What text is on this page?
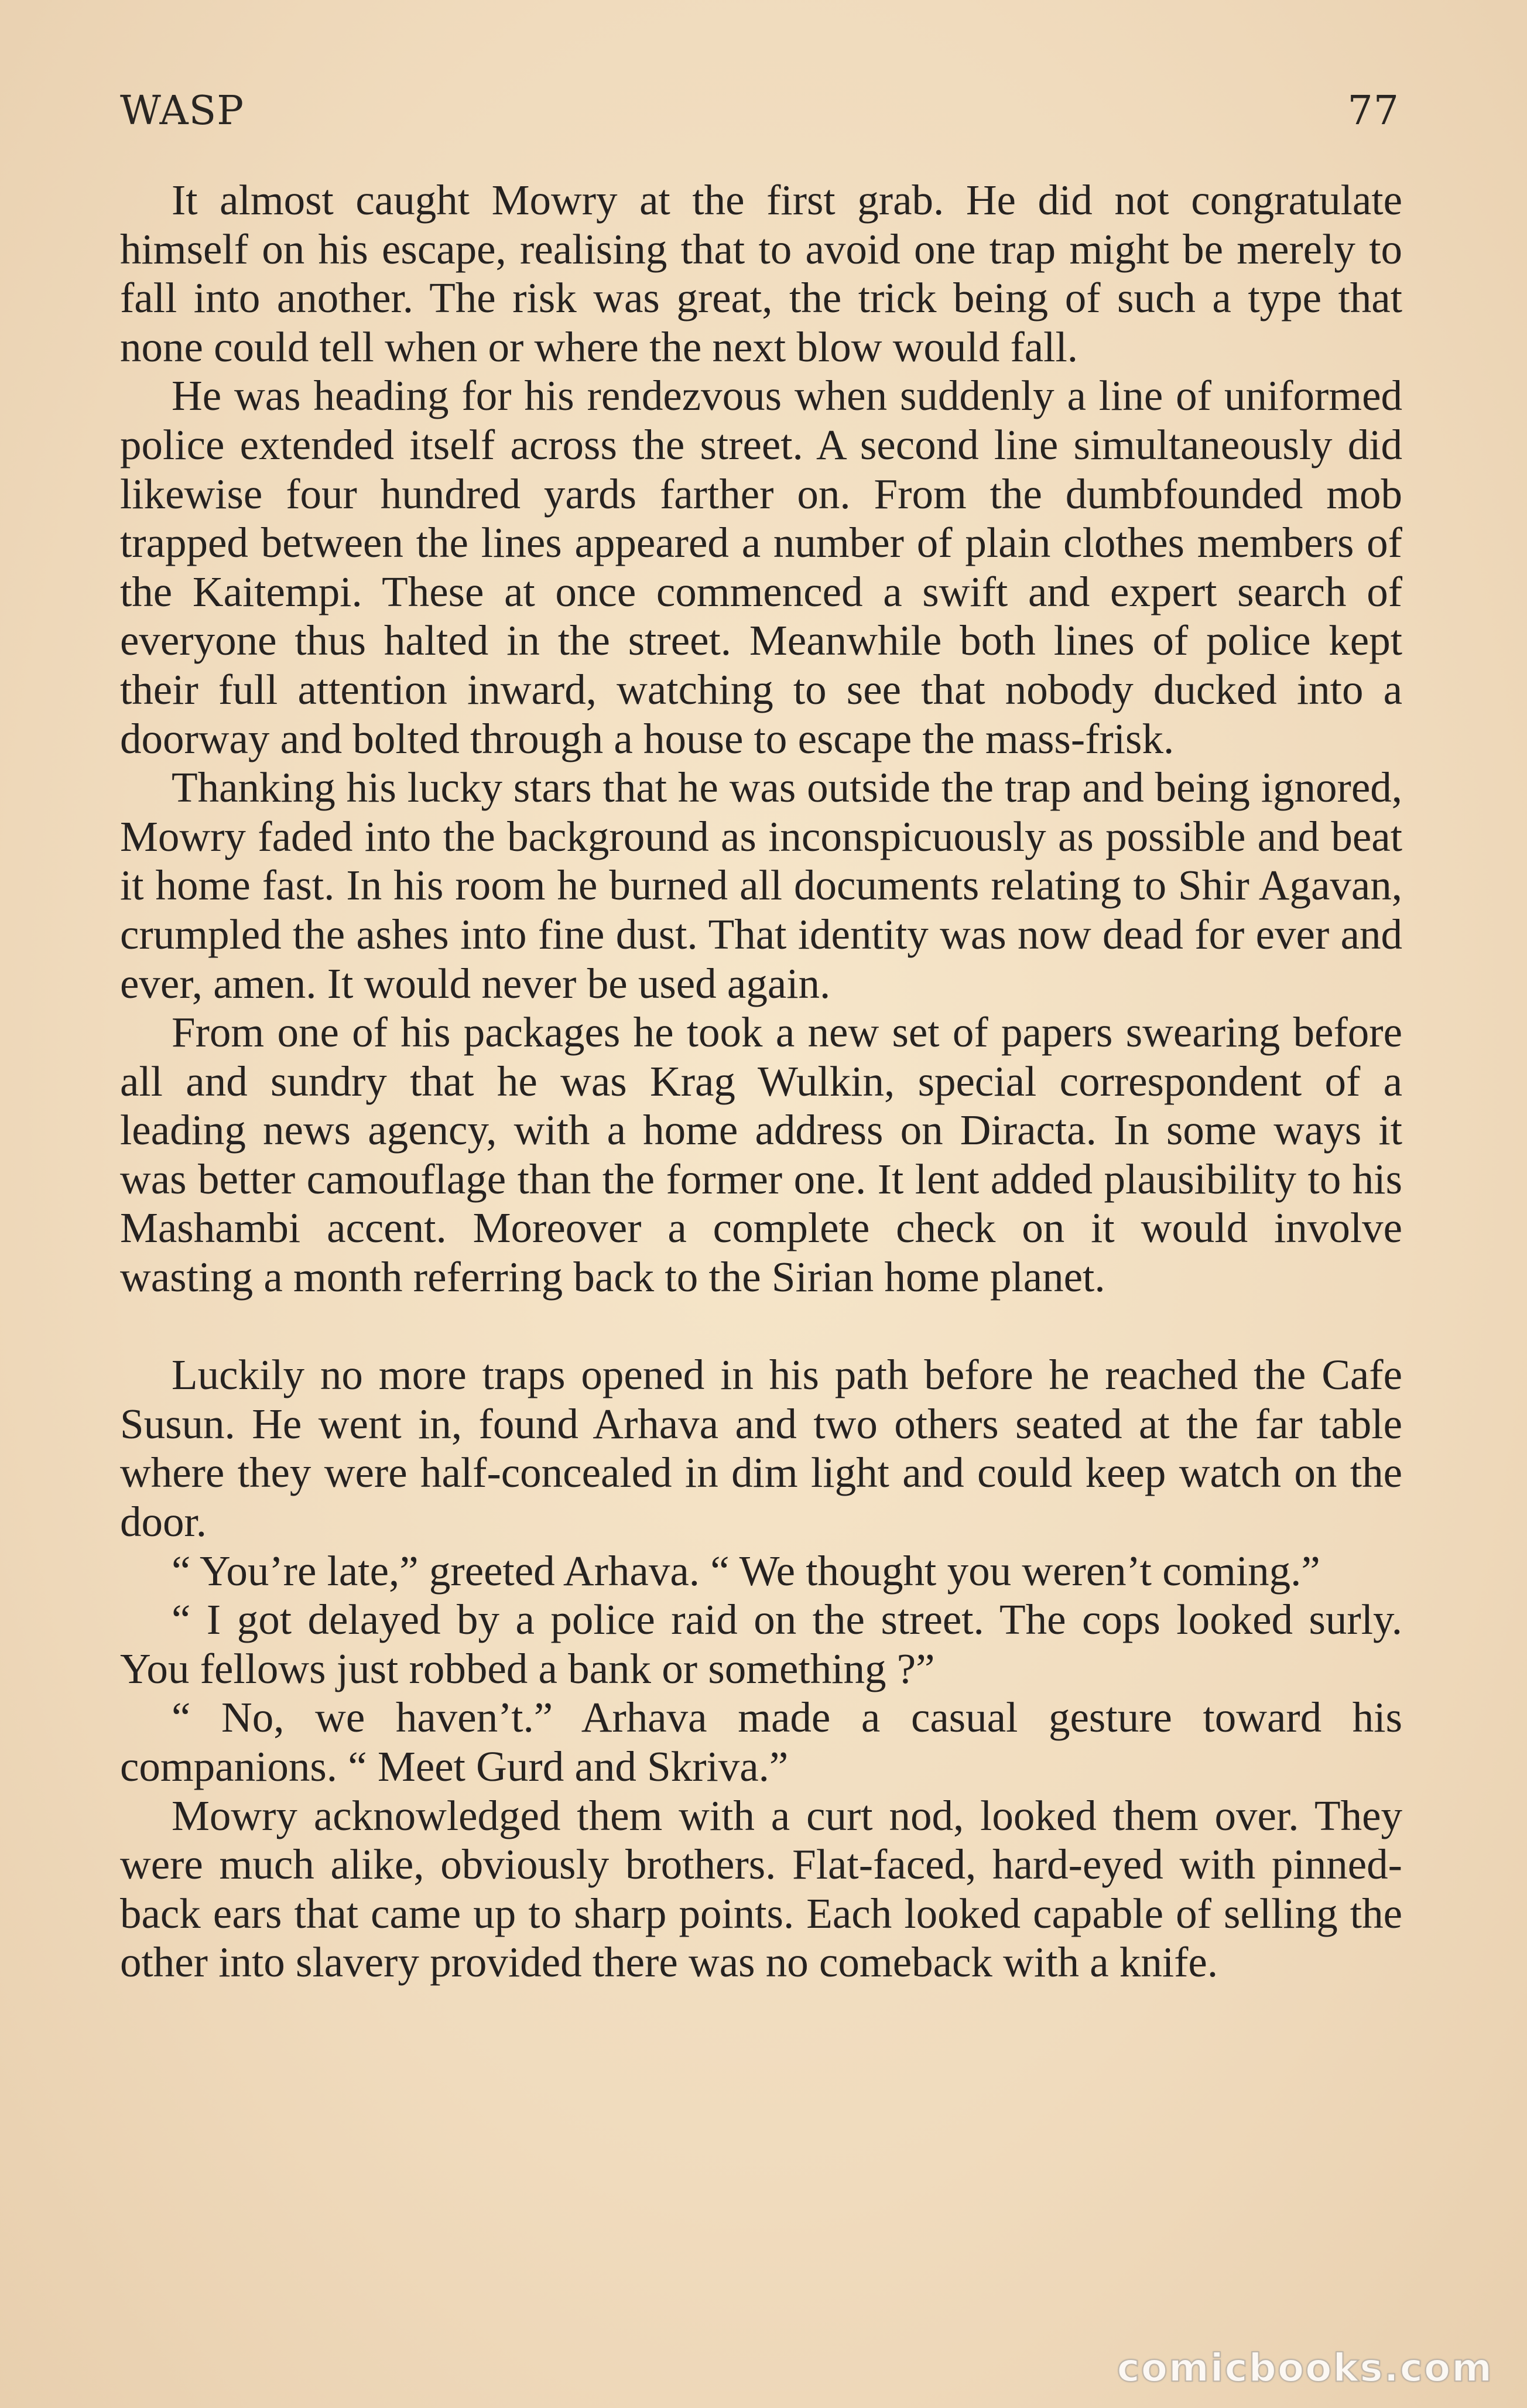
WASP	77

It almost caught Mowry at the first grab. He did not congratulate himself on his escape, realising that to avoid one trap might be merely to fall into another. The risk was great, the trick being of such a type that none could tell when or where the next blow would fall.

He was heading for his rendezvous when suddenly a line of uniformed police extended itself across the street. A second line simultaneously did likewise four hundred yards farther on. From the dumbfounded mob trapped between the lines appeared a number of plain clothes members of the Kaitempi. These at once commenced a swift and expert search of everyone thus halted in the street. Meanwhile both lines of police kept their full attention inward, watching to see that nobody ducked into a doorway and bolted through a house to escape the mass-frisk.

Thanking his lucky stars that he was outside the trap and being ignored, Mowry faded into the background as inconspicuously as possible and beat it home fast. In his room he burned all documents relating to Shir Agavan, crumpled the ashes into fine dust. That identity was now dead for ever and ever, amen. It would never be used again.

From one of his packages he took a new set of papers swearing before all and sundry that he was Krag Wulkin, special correspondent of a leading news agency, with a home address on Diracta. In some ways it was better camouflage than the former one. It lent added plausibility to his Mashambi accent. Moreover a complete check on it would involve wasting a month referring back to the Sirian home planet.

Luckily no more traps opened in his path before he reached the Cafe Susun. He went in, found Arhava and two others seated at the far table where they were half-concealed in dim light and could keep watch on the door.

“ You’re late,” greeted Arhava. “ We thought you weren’t coming.”

“ I got delayed by a police raid on the street. The cops looked surly. You fellows just robbed a bank or something ?”

“ No, we haven’t.” Arhava made a casual gesture toward his companions. “ Meet Gurd and Skriva.”

Mowry acknowledged them with a curt nod, looked them over. They were much alike, obviously brothers. Flat-faced, hard-eyed with pinned-back ears that came up to sharp points. Each looked capable of selling the other into slavery provided there was no comeback with a knife.

comicbooks.com
